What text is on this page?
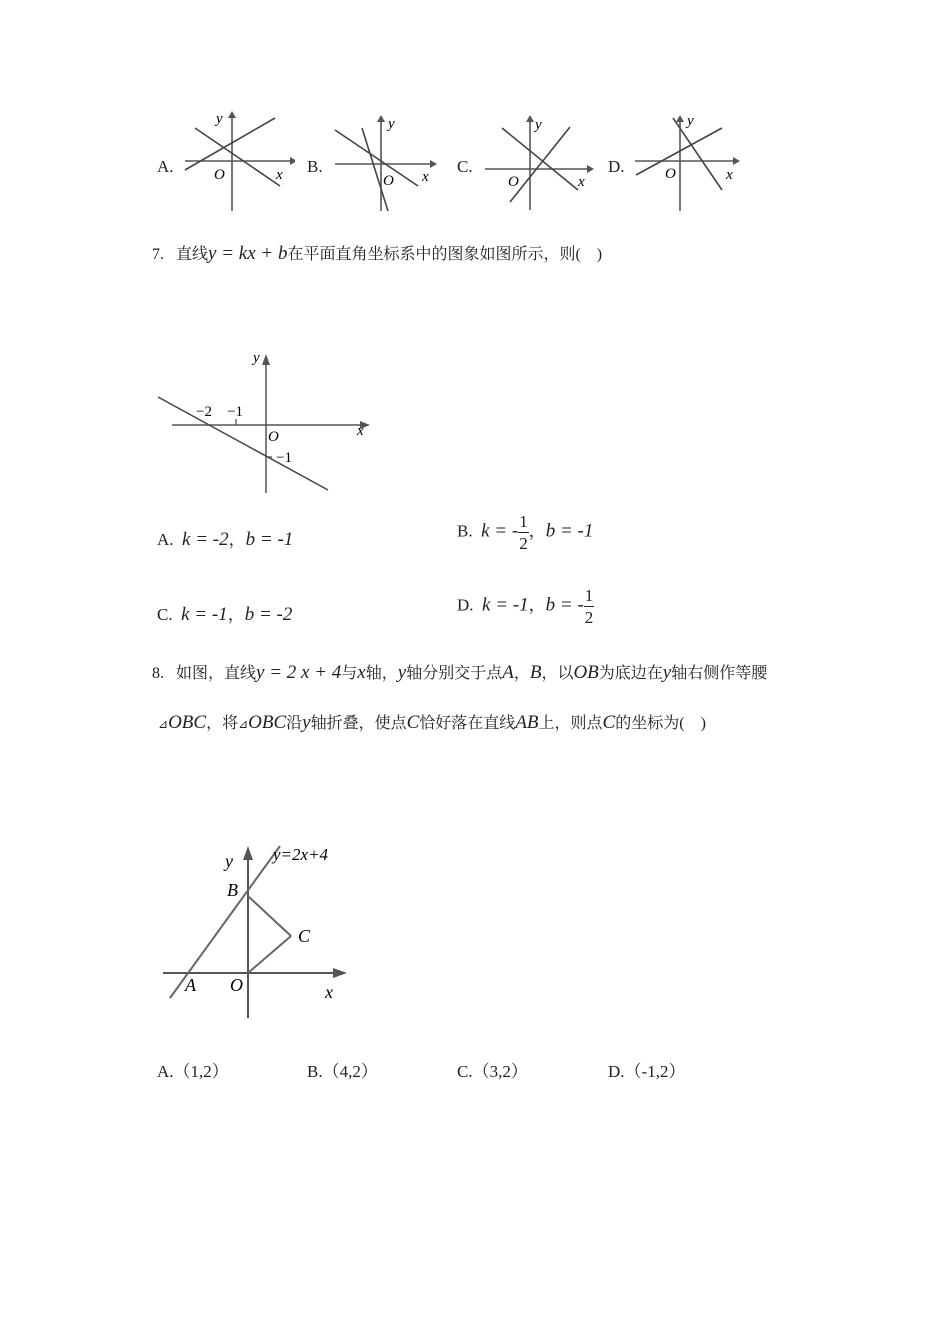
A.
y
O	x B.
y
O x
C.
y
O	x
D.
y
O	x
7. 直线y = kx + b在平面直角坐标系中的图象如图所示，则(　)
y
x
O
−2 −1
−1
A. k = -2，b = -1	B. k = - $\frac{1}{2}$ ，b = -1
C. k = -1，b = -2	D. k = -1，b = - $\frac{1}{2}$
8. 如图，直线y = 2 x + 4与x轴，y轴分别交于点A，B，以OB为底边在y轴右侧作等腰
⊿OBC，将⊿OBC沿y轴折叠，使点C恰好落在直线AB上，则点C的坐标为(　)
y=2x+4
y
x
O
A
B
C
A.（1,2）	B.（4,2）	C.（3,2）	D.（-1,2）
